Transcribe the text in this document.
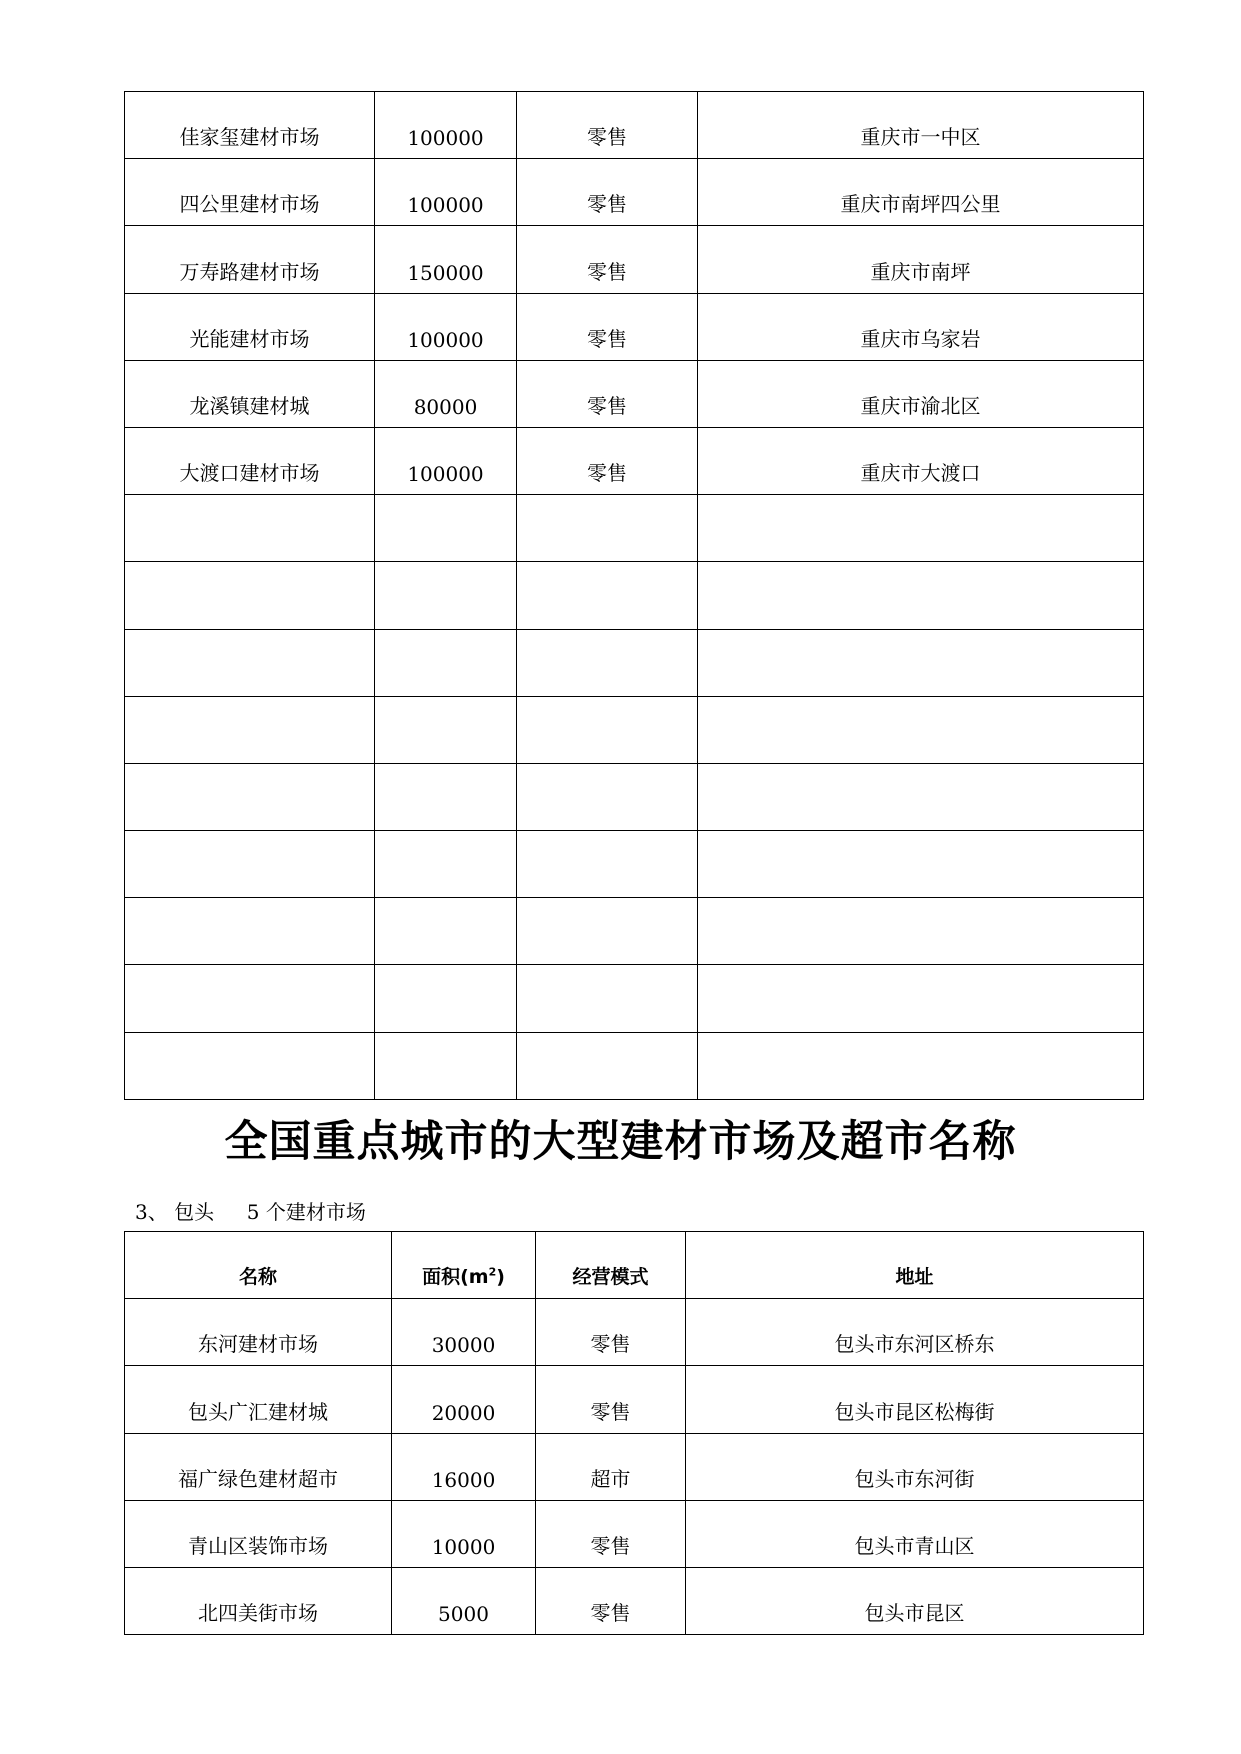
佳家玺建材市场	100000	零售	重庆市一中区
四公里建材市场	100000	零售	重庆市南坪四公里
万寿路建材市场	150000	零售	重庆市南坪
光能建材市场	100000	零售	重庆市乌家岩
龙溪镇建材城	80000	零售	重庆市渝北区
大渡口建材市场	100000	零售	重庆市大渡口

全国重点城市的大型建材市场及超市名称

3、 包头 　 5 个建材市场

名称	面积$(m^2)$	经营模式	地址
东河建材市场	30000	零售	包头市东河区桥东
包头广汇建材城	20000	零售	包头市昆区松梅街
福广绿色建材超市	16000	超市	包头市东河街
青山区装饰市场	10000	零售	包头市青山区
北四美街市场	5000	零售	包头市昆区
